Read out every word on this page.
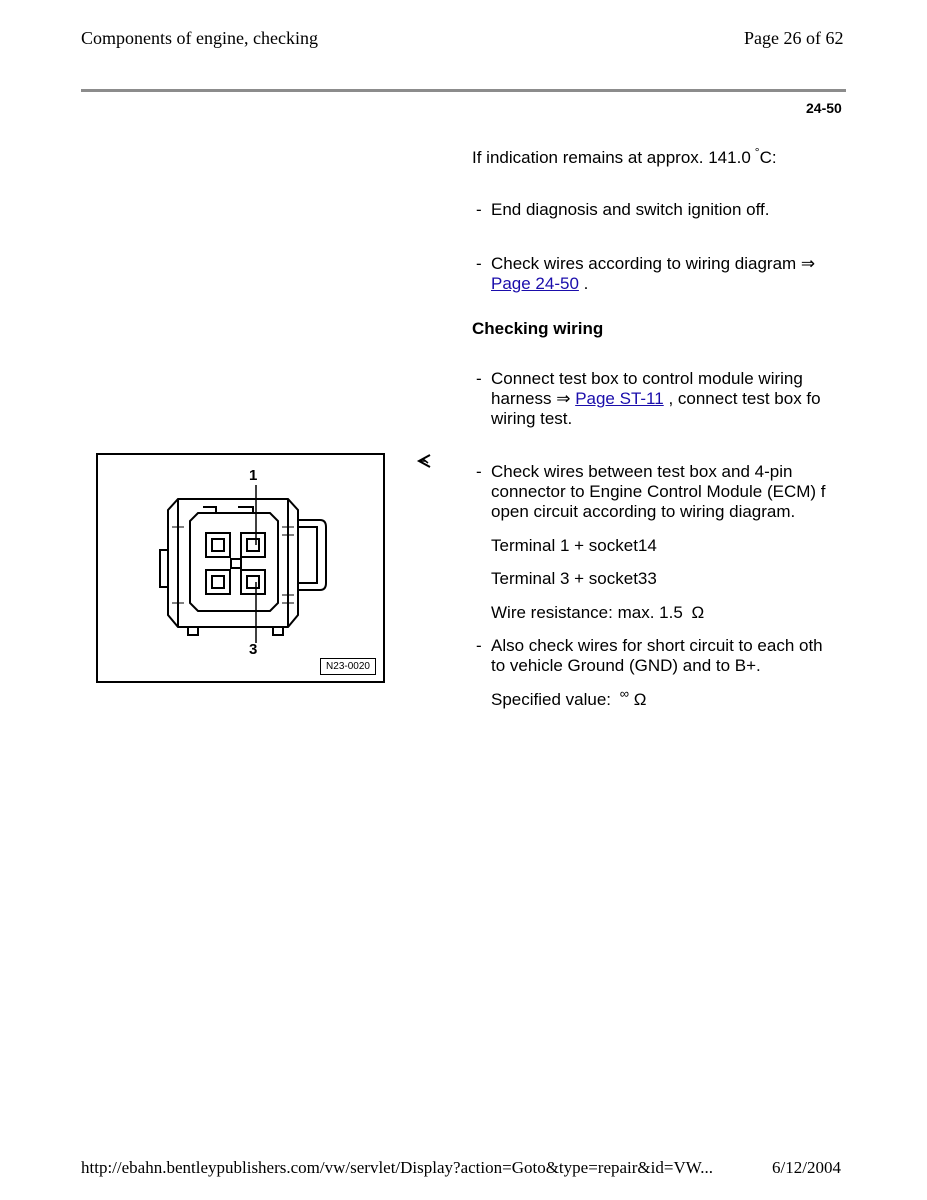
Components of engine, checking	Page 26 of 62
24-50
If indication remains at approx. 141.0 °C:
- End diagnosis and switch ignition off.
- Check wires according to wiring diagram ⇒
Page 24-50 .
Checking wiring
- Connect test box to control module wiring
harness ⇒ Page ST-11 , connect test box fo
wiring test.
- Check wires between test box and 4-pin
connector to Engine Control Module (ECM) f
open circuit according to wiring diagram.
Terminal 1 + socket14
Terminal 3 + socket33
Wire resistance: max. 1.5 Ω
- Also check wires for short circuit to each oth
to vehicle Ground (GND) and to B+.
Specified value: ∞ Ω
1
3
N23-0020
http://ebahn.bentleypublishers.com/vw/servlet/Display?action=Goto&type=repair&id=VW...	6/12/2004
